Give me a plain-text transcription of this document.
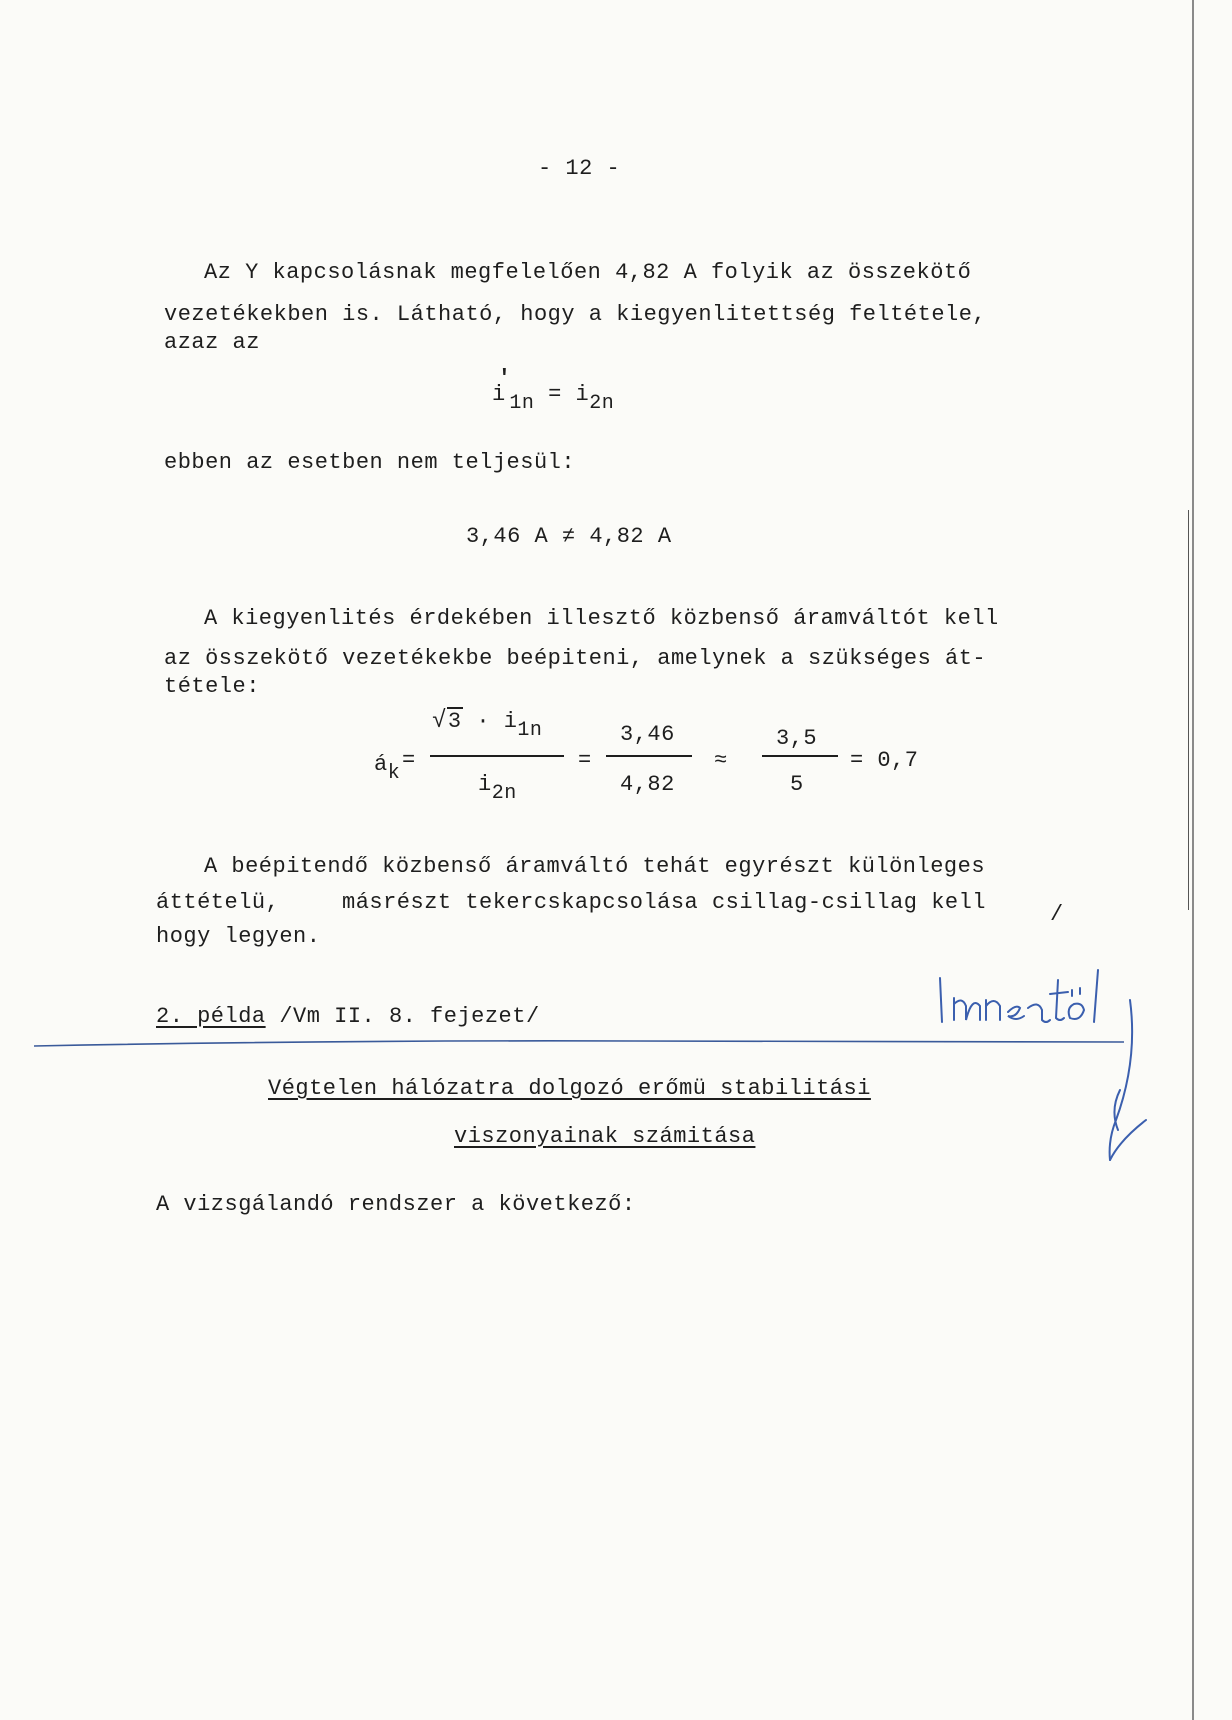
- 12 -
Az Y kapcsolásnak megfelelően 4,82 A folyik az összekötő
vezetékekben is. Látható, hogy a kiegyenlitettség feltétele,
azaz az
i'1n = i2n
ebben az esetben nem teljesül:
3,46 A ≠ 4,82 A
A kiegyenlités érdekében illesztő közbenső áramváltót kell
az összekötő vezetékekbe beépiteni, amelynek a szükséges át-
tétele:
ák
=
√3 · i1n
i2n
=
3,46
4,82
≈
3,5
5
= 0,7
A beépitendő közbenső áramváltó tehát egyrészt különleges
áttételü,	másrészt tekercskapcsolása csillag-csillag kell	/
hogy legyen.
2. példa /Vm II. 8. fejezet/
Végtelen hálózatra dolgozó erőmü stabilitási
viszonyainak számitása
A vizsgálandó rendszer a következő:
Innentől
